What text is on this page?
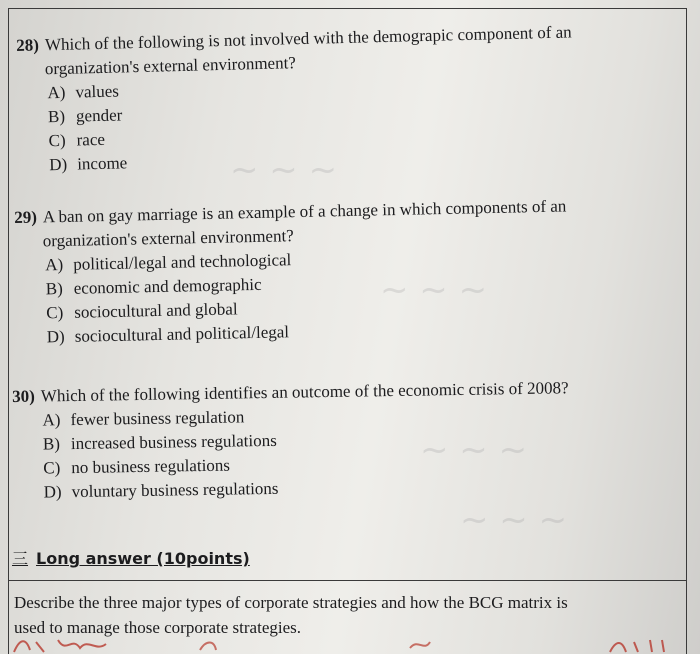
~ ~ ~
~ ~ ~
~ ~ ~
~ ~ ~
28) Which of the following is not involved with the demograpic component of an
organization's external environment?
A) values
B) gender
C) race
D) income
29) A ban on gay marriage is an example of a change in which components of an
organization's external environment?
A) political/legal and technological
B) economic and demographic
C) sociocultural and global
D) sociocultural and political/legal
30) Which of the following identifies an outcome of the economic crisis of 2008?
A) fewer business regulation
B) increased business regulations
C) no business regulations
D) voluntary business regulations
三 Long answer (10points)
Describe the three major types of corporate strategies and how the BCG matrix is
used to manage those corporate strategies.
